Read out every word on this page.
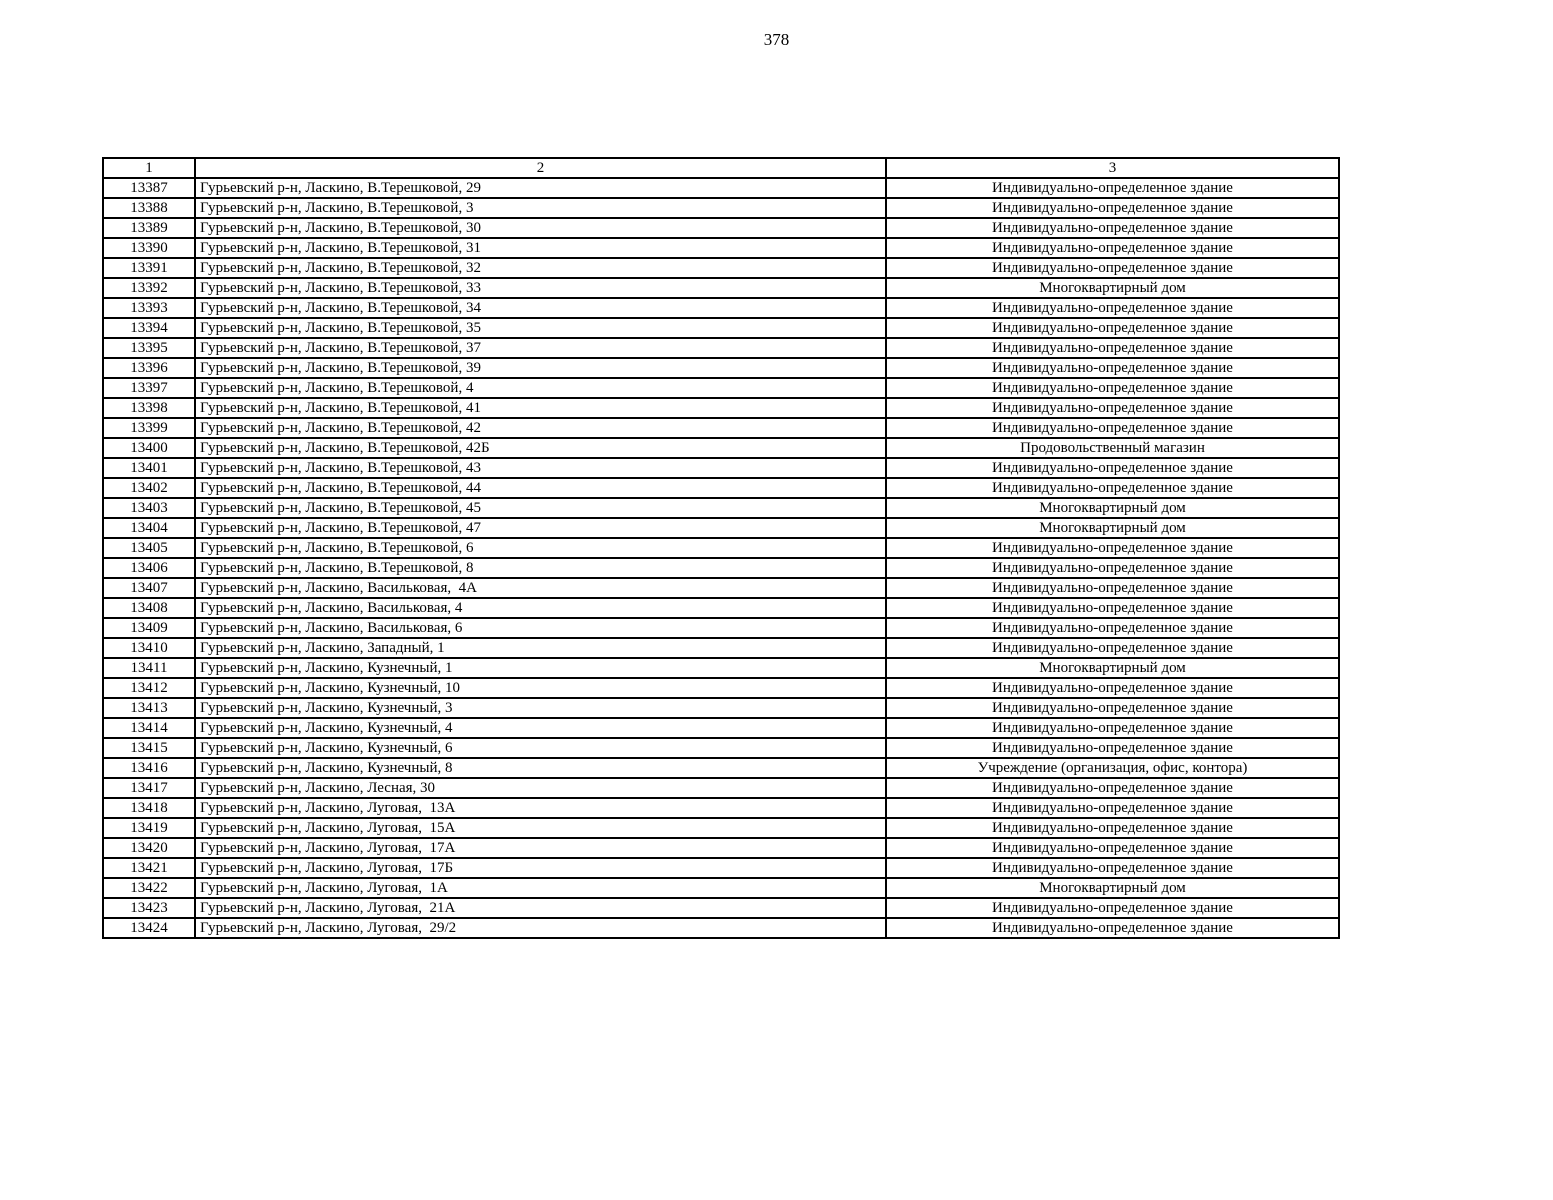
378
1	2	3
13387	Гурьевский р-н, Ласкино, В.Терешковой, 29	Индивидуально-определенное здание
13388	Гурьевский р-н, Ласкино, В.Терешковой, 3	Индивидуально-определенное здание
13389	Гурьевский р-н, Ласкино, В.Терешковой, 30	Индивидуально-определенное здание
13390	Гурьевский р-н, Ласкино, В.Терешковой, 31	Индивидуально-определенное здание
13391	Гурьевский р-н, Ласкино, В.Терешковой, 32	Индивидуально-определенное здание
13392	Гурьевский р-н, Ласкино, В.Терешковой, 33	Многоквартирный дом
13393	Гурьевский р-н, Ласкино, В.Терешковой, 34	Индивидуально-определенное здание
13394	Гурьевский р-н, Ласкино, В.Терешковой, 35	Индивидуально-определенное здание
13395	Гурьевский р-н, Ласкино, В.Терешковой, 37	Индивидуально-определенное здание
13396	Гурьевский р-н, Ласкино, В.Терешковой, 39	Индивидуально-определенное здание
13397	Гурьевский р-н, Ласкино, В.Терешковой, 4	Индивидуально-определенное здание
13398	Гурьевский р-н, Ласкино, В.Терешковой, 41	Индивидуально-определенное здание
13399	Гурьевский р-н, Ласкино, В.Терешковой, 42	Индивидуально-определенное здание
13400	Гурьевский р-н, Ласкино, В.Терешковой, 42Б	Продовольственный магазин
13401	Гурьевский р-н, Ласкино, В.Терешковой, 43	Индивидуально-определенное здание
13402	Гурьевский р-н, Ласкино, В.Терешковой, 44	Индивидуально-определенное здание
13403	Гурьевский р-н, Ласкино, В.Терешковой, 45	Многоквартирный дом
13404	Гурьевский р-н, Ласкино, В.Терешковой, 47	Многоквартирный дом
13405	Гурьевский р-н, Ласкино, В.Терешковой, 6	Индивидуально-определенное здание
13406	Гурьевский р-н, Ласкино, В.Терешковой, 8	Индивидуально-определенное здание
13407	Гурьевский р-н, Ласкино, Васильковая,  4А	Индивидуально-определенное здание
13408	Гурьевский р-н, Ласкино, Васильковая, 4	Индивидуально-определенное здание
13409	Гурьевский р-н, Ласкино, Васильковая, 6	Индивидуально-определенное здание
13410	Гурьевский р-н, Ласкино, Западный, 1	Индивидуально-определенное здание
13411	Гурьевский р-н, Ласкино, Кузнечный, 1	Многоквартирный дом
13412	Гурьевский р-н, Ласкино, Кузнечный, 10	Индивидуально-определенное здание
13413	Гурьевский р-н, Ласкино, Кузнечный, 3	Индивидуально-определенное здание
13414	Гурьевский р-н, Ласкино, Кузнечный, 4	Индивидуально-определенное здание
13415	Гурьевский р-н, Ласкино, Кузнечный, 6	Индивидуально-определенное здание
13416	Гурьевский р-н, Ласкино, Кузнечный, 8	Учреждение (организация, офис, контора)
13417	Гурьевский р-н, Ласкино, Лесная, 30	Индивидуально-определенное здание
13418	Гурьевский р-н, Ласкино, Луговая,  13А	Индивидуально-определенное здание
13419	Гурьевский р-н, Ласкино, Луговая,  15А	Индивидуально-определенное здание
13420	Гурьевский р-н, Ласкино, Луговая,  17А	Индивидуально-определенное здание
13421	Гурьевский р-н, Ласкино, Луговая,  17Б	Индивидуально-определенное здание
13422	Гурьевский р-н, Ласкино, Луговая,  1А	Многоквартирный дом
13423	Гурьевский р-н, Ласкино, Луговая,  21А	Индивидуально-определенное здание
13424	Гурьевский р-н, Ласкино, Луговая,  29/2	Индивидуально-определенное здание
